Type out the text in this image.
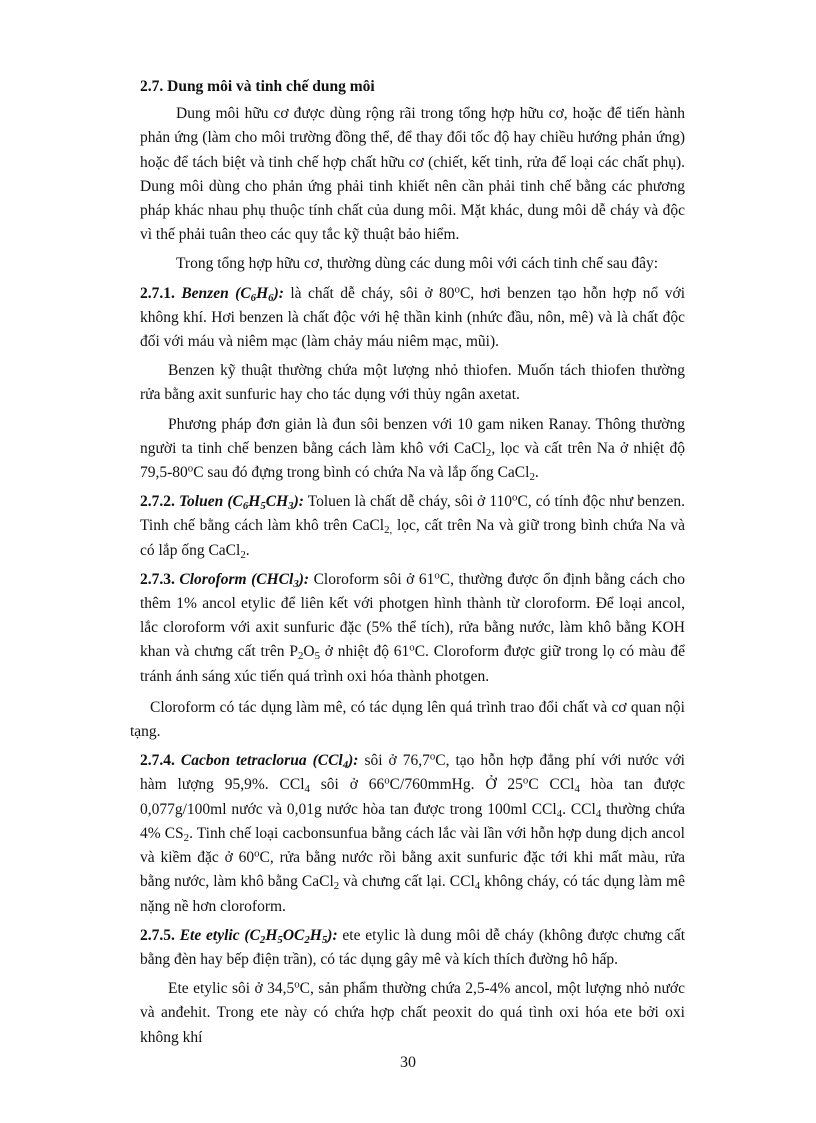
2.7. Dung môi và tinh chế dung môi

Dung môi hữu cơ được dùng rộng rãi trong tổng hợp hữu cơ, hoặc để tiến hành phản ứng (làm cho môi trường đồng thể, để thay đổi tốc độ hay chiều hướng phản ứng) hoặc để tách biệt và tinh chế hợp chất hữu cơ (chiết, kết tinh, rửa để loại các chất phụ). Dung môi dùng cho phản ứng phải tinh khiết nên cần phải tinh chế bằng các phương pháp khác nhau phụ thuộc tính chất của dung môi. Mặt khác, dung môi dễ cháy và độc vì thế phải tuân theo các quy tắc kỹ thuật bảo hiểm.

Trong tổng hợp hữu cơ, thường dùng các dung môi với cách tinh chế sau đây:

2.7.1. Benzen $(C_6H_6)$: là chất dễ cháy, sôi ở 80$^o$C, hơi benzen tạo hỗn hợp nổ với không khí. Hơi benzen là chất độc với hệ thần kinh (nhức đầu, nôn, mê) và là chất độc đối với máu và niêm mạc (làm chảy máu niêm mạc, mũi).

Benzen kỹ thuật thường chứa một lượng nhỏ thiofen. Muốn tách thiofen thường rửa bằng axit sunfuric hay cho tác dụng với thủy ngân axetat.

Phương pháp đơn giản là đun sôi benzen với 10 gam niken Ranay. Thông thường người ta tinh chế benzen bằng cách làm khô với CaCl$_2$, lọc và cất trên Na ở nhiệt độ 79,5-80$^o$C sau đó đựng trong bình có chứa Na và lắp ống CaCl$_2$.

2.7.2. Toluen $(C_6H_5CH_3)$: Toluen là chất dễ cháy, sôi ở 110$^o$C, có tính độc như benzen. Tinh chế bằng cách làm khô trên CaCl$_{2,}$ lọc, cất trên Na và giữ trong bình chứa Na và có lắp ống CaCl$_2$.

2.7.3. Cloroform (CHCl$_3$): Cloroform sôi ở 61$^o$C, thường được ổn định bằng cách cho thêm 1% ancol etylic để liên kết với photgen hình thành từ cloroform. Để loại ancol, lắc cloroform với axit sunfuric đặc (5% thể tích), rửa bằng nước, làm khô bằng KOH khan và chưng cất trên $P_2O_5$ ở nhiệt độ 61$^o$C. Cloroform được giữ trong lọ có màu để tránh ánh sáng xúc tiến quá trình oxi hóa thành photgen.

Cloroform có tác dụng làm mê, có tác dụng lên quá trình trao đổi chất và cơ quan nội tạng.

2.7.4. Cacbon tetraclorua (CCl$_4$): sôi ở 76,7$^o$C, tạo hỗn hợp đẳng phí với nước với hàm lượng 95,9%. CCl$_4$ sôi ở 66$^o$C/760mmHg. Ở 25$^o$C CCl$_4$ hòa tan được 0,077g/100ml nước và 0,01g nước hòa tan được trong 100ml CCl$_4$. CCl$_4$ thường chứa 4% $CS_2$. Tinh chế loại cacbonsunfua bằng cách lắc vài lần với hỗn hợp dung dịch ancol và kiềm đặc ở 60$^o$C, rửa bằng nước rồi bằng axit sunfuric đặc tới khi mất màu, rửa bằng nước, làm khô bằng CaCl$_2$ và chưng cất lại. CCl$_4$ không cháy, có tác dụng làm mê nặng nề hơn cloroform.

2.7.5. Ete etylic $(C_2H_5OC_2H_5)$: ete etylic là dung môi dễ cháy (không được chưng cất bằng đèn hay bếp điện trần), có tác dụng gây mê và kích thích đường hô hấp.

Ete etylic sôi ở 34,5$^o$C, sản phẩm thường chứa 2,5-4% ancol, một lượng nhỏ nước và anđehit. Trong ete này có chứa hợp chất peoxit do quá tình oxi hóa ete bởi oxi không khí

30
